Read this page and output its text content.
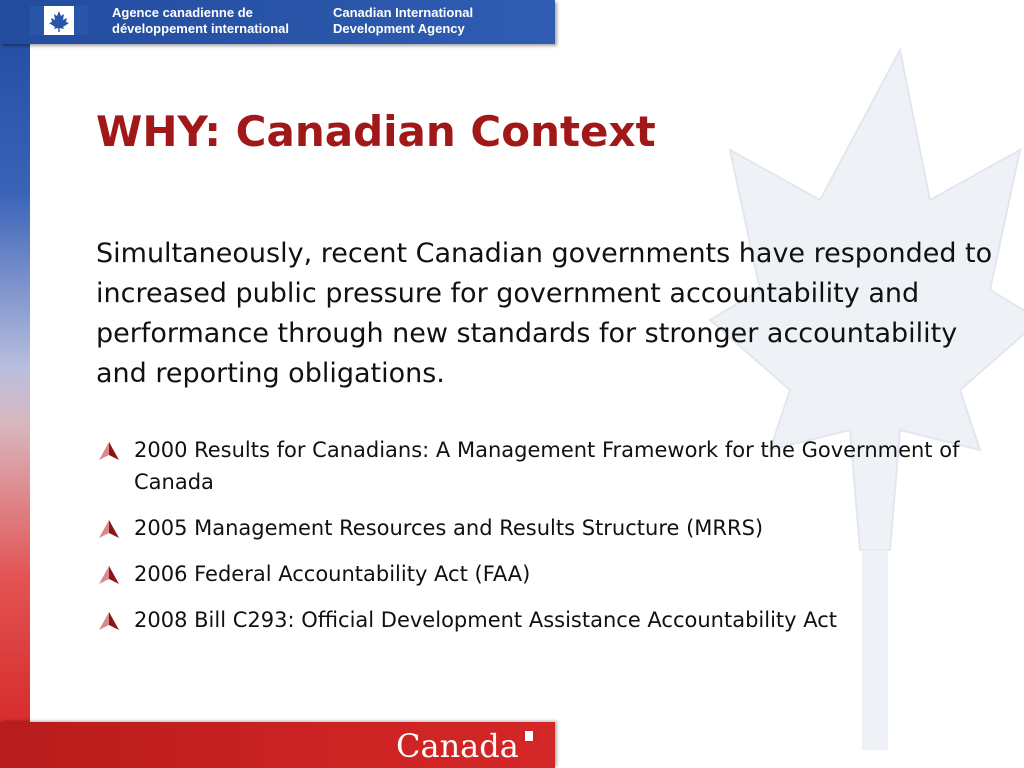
Agence canadienne de
développement international
Canadian International
Development Agency
WHY: Canadian Context

Simultaneously, recent Canadian governments have responded to increased public pressure for government accountability and performance through new standards for stronger accountability and reporting obligations.

2000 Results for Canadians: A Management Framework for the Government of Canada
2005 Management Resources and Results Structure (MRRS)
2006 Federal Accountability Act (FAA)
2008 Bill C293: Official Development Assistance Accountability Act
Canada
